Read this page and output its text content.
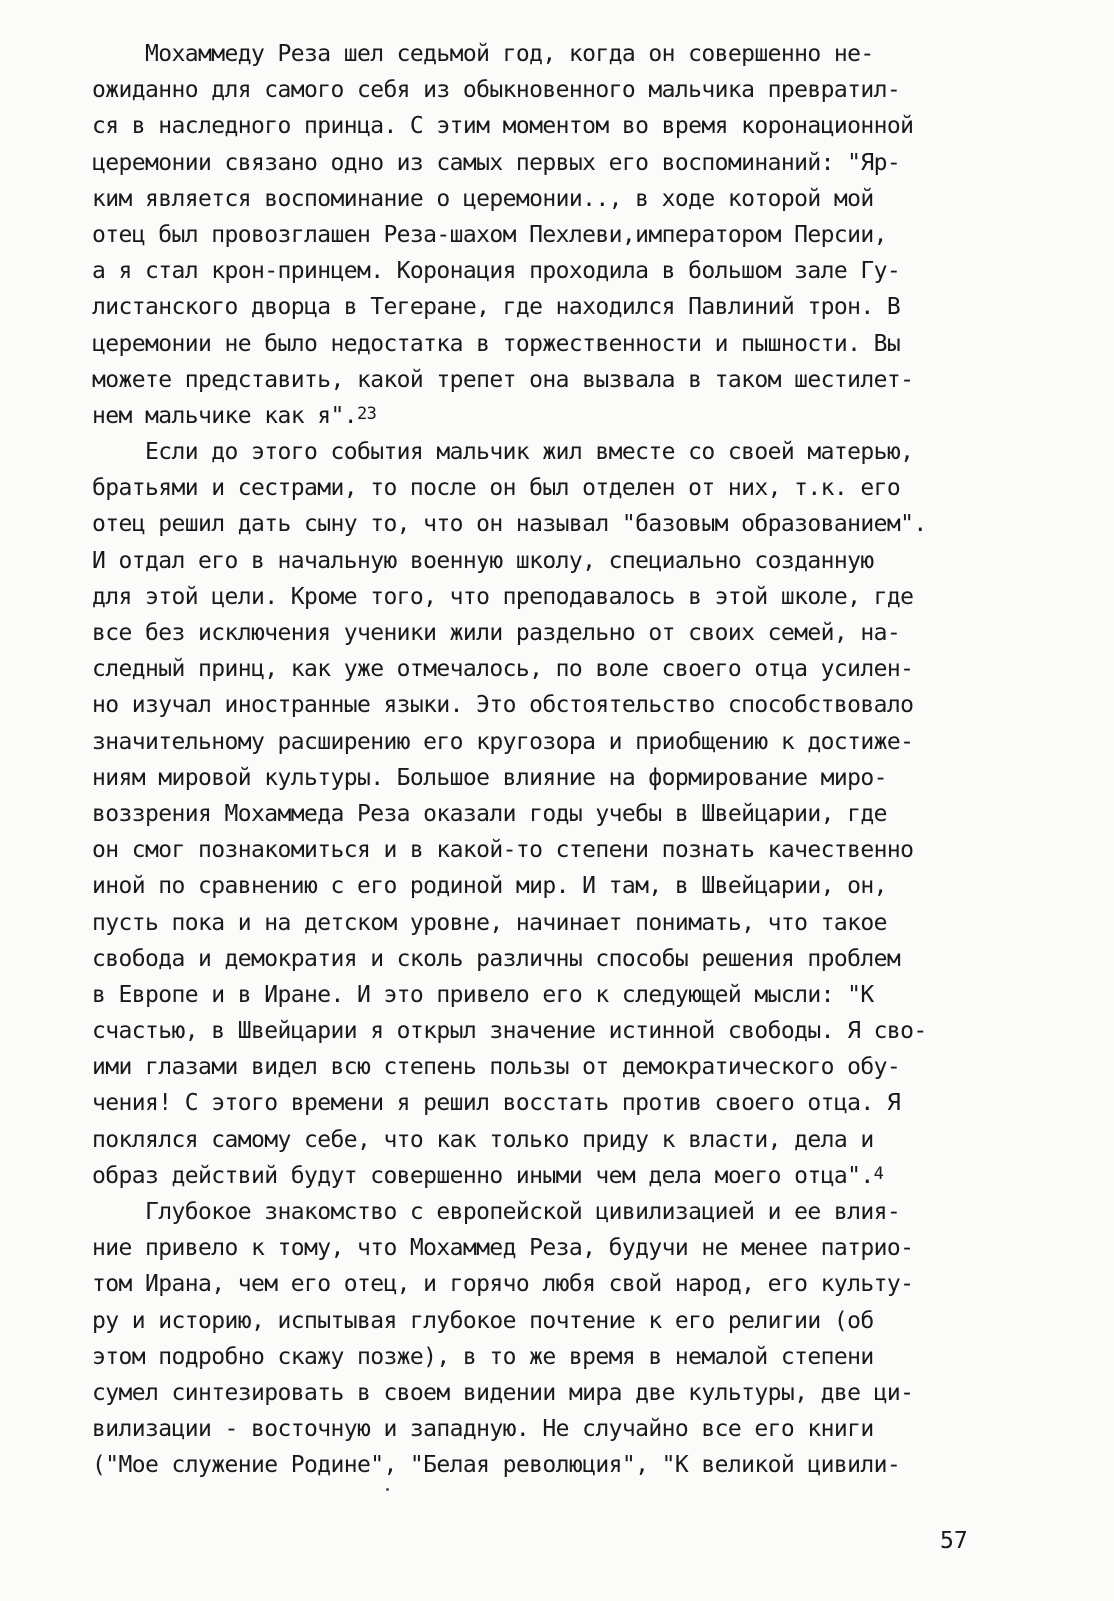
Мохаммеду Реза шел седьмой год, когда он совершенно не-
ожиданно для самого себя из обыкновенного мальчика превратил-
ся в наследного принца. С этим моментом во время коронационной
церемонии связано одно из самых первых его воспоминаний: "Яр-
ким является воспоминание о церемонии.., в ходе которой мой
отец был провозглашен Реза-шахом Пехлеви,императором Персии,
а я стал крон-принцем. Коронация проходила в большом зале Гу-
листанского дворца в Тегеране, где находился Павлиний трон. В
церемонии не было недостатка в торжественности и пышности. Вы
можете представить, какой трепет она вызвала в таком шестилет-
нем мальчике как я".$^{23}$
Если до этого события мальчик жил вместе со своей матерью,
братьями и сестрами, то после он был отделен от них, т.к. его
отец решил дать сыну то, что он называл "базовым образованием".
И отдал его в начальную военную школу, специально созданную
для этой цели. Кроме того, что преподавалось в этой школе, где
все без исключения ученики жили раздельно от своих семей, на-
следный принц, как уже отмечалось, по воле своего отца усилен-
но изучал иностранные языки. Это обстоятельство способствовало
значительному расширению его кругозора и приобщению к достиже-
ниям мировой культуры. Большое влияние на формирование миро-
воззрения Мохаммеда Реза оказали годы учебы в Швейцарии, где
он смог познакомиться и в какой-то степени познать качественно
иной по сравнению с его родиной мир. И там, в Швейцарии, он,
пусть пока и на детском уровне, начинает понимать, что такое
свобода и демократия и сколь различны способы решения проблем
в Европе и в Иране. И это привело его к следующей мысли: "К
счастью, в Швейцарии я открыл значение истинной свободы. Я сво-
ими глазами видел всю степень пользы от демократического обу-
чения! С этого времени я решил восстать против своего отца. Я
поклялся самому себе, что как только приду к власти, дела и
образ действий будут совершенно иными чем дела моего отца".$^4$
Глубокое знакомство с европейской цивилизацией и ее влия-
ние привело к тому, что Мохаммед Реза, будучи не менее патрио-
том Ирана, чем его отец, и горячо любя свой народ, его культу-
ру и историю, испытывая глубокое почтение к его религии (об
этом подробно скажу позже), в то же время в немалой степени
сумел синтезировать в своем видении мира две культуры, две ци-
вилизации - восточную и западную. Не случайно все его книги
("Мое служение Родине", "Белая революция", "К великой цивили-
57
